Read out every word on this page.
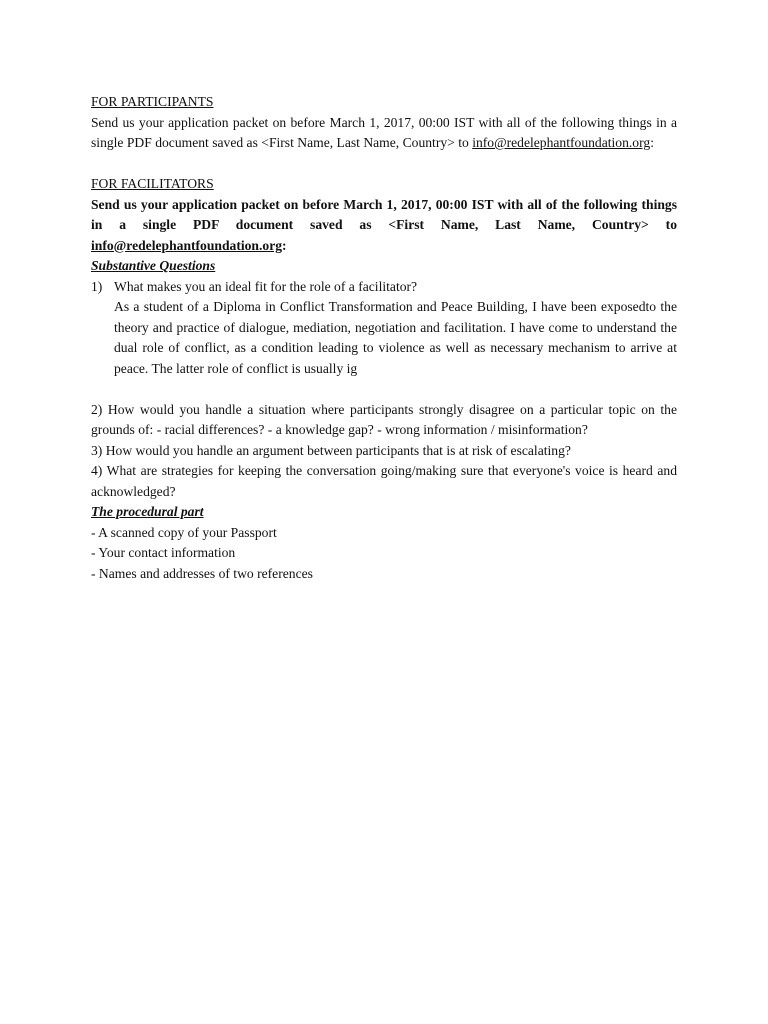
FOR PARTICIPANTS

Send us your application packet on before March 1, 2017, 00:00 IST with all of the following things in a single PDF document saved as <First Name, Last Name, Country> to info@redelephantfoundation.org:

FOR FACILITATORS

Send us your application packet on before March 1, 2017, 00:00 IST with all of the following things in a single PDF document saved as <First Name, Last Name, Country> to info@redelephantfoundation.org:

Substantive Questions

1) What makes you an ideal fit for the role of a facilitator?

As a student of a Diploma in Conflict Transformation and Peace Building, I have been exposedto the theory and practice of dialogue, mediation, negotiation and facilitation. I have come to understand the dual role of conflict, as a condition leading to violence as well as necessary mechanism to arrive at peace. The latter role of conflict is usually ig

2) How would you handle a situation where participants strongly disagree on a particular topic on the grounds of: - racial differences? - a knowledge gap? - wrong information / misinformation?

3) How would you handle an argument between participants that is at risk of escalating?

4) What are strategies for keeping the conversation going/making sure that everyone's voice is heard and acknowledged?

The procedural part

- A scanned copy of your Passport

- Your contact information

- Names and addresses of two references
